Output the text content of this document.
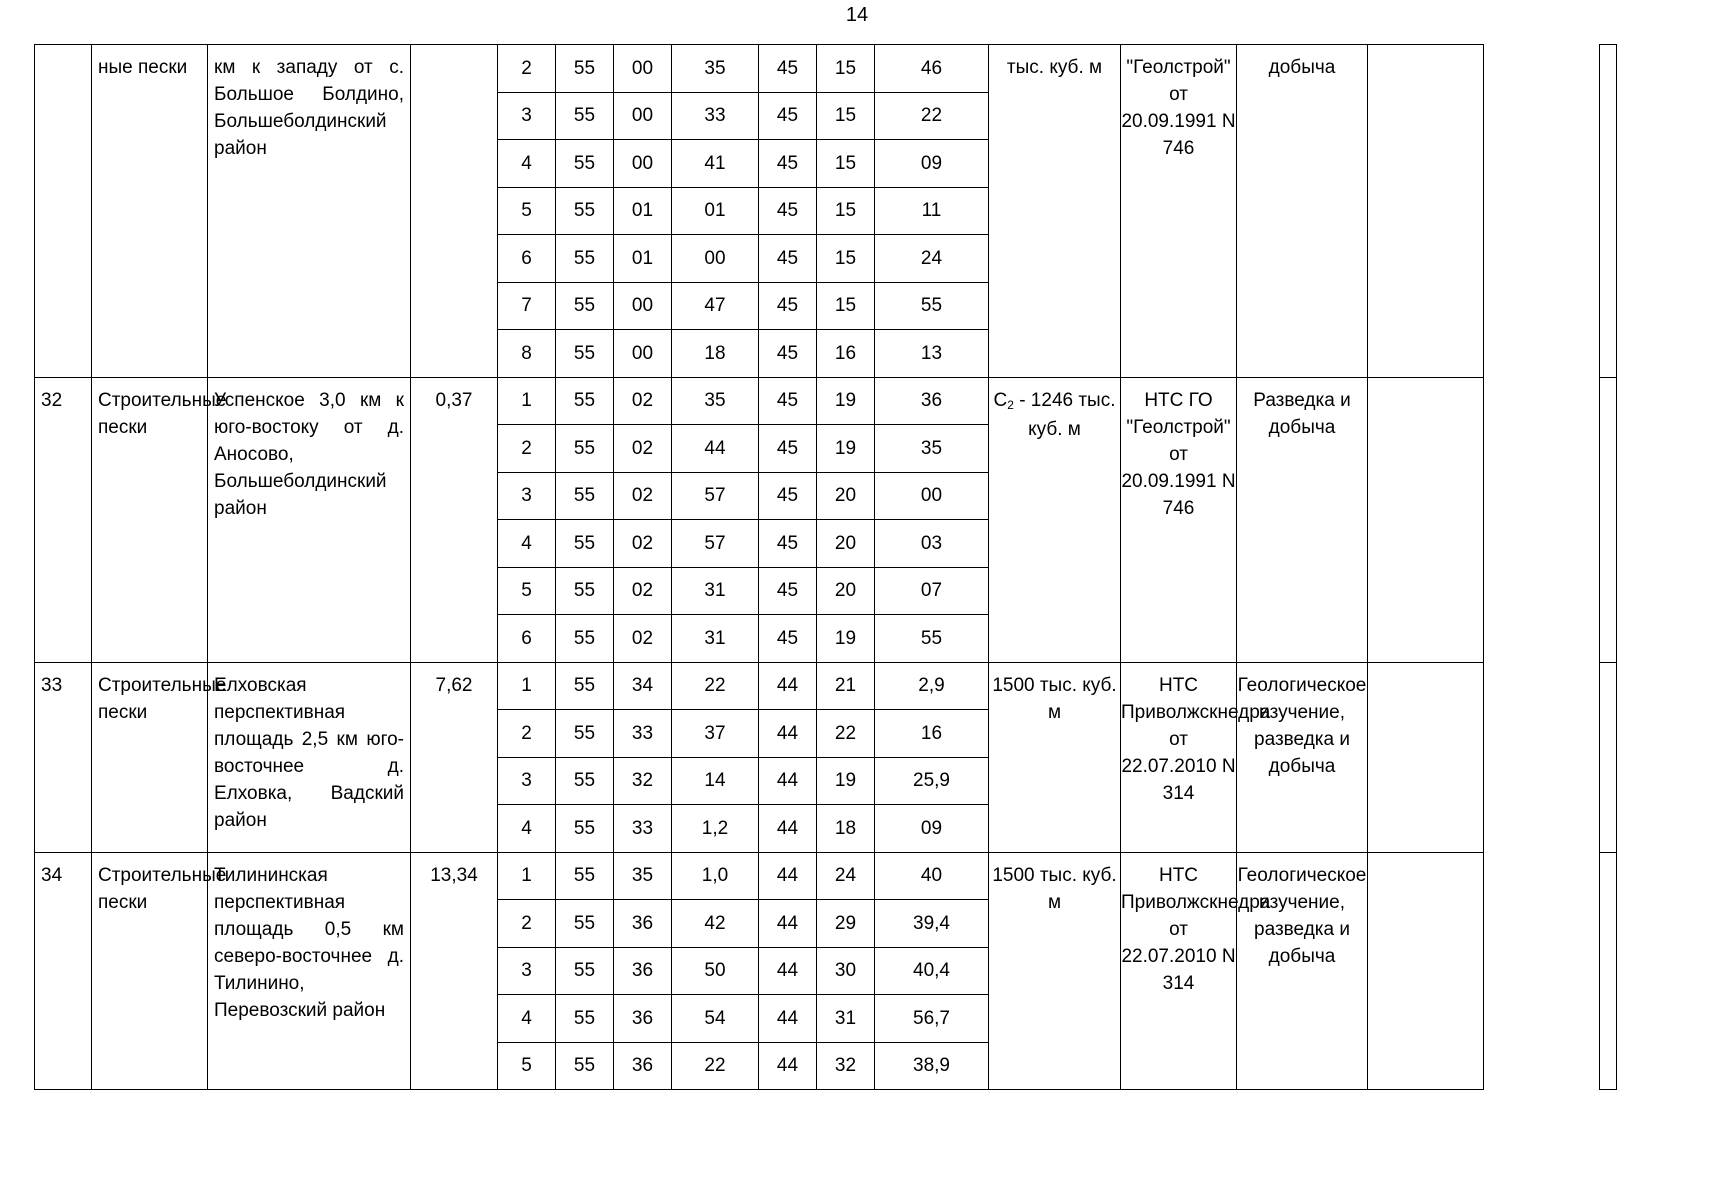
14
	ные пески	км к западу от с. Большое Болдино, Большеболдинский район		2	55	00	35	45	15	46	тыс. куб. м	"Геолстрой" от 20.09.1991 N 746	добыча			
				3	55	00	33	45	15	22						
				4	55	00	41	45	15	09						
				5	55	01	01	45	15	11						
				6	55	01	00	45	15	24						
				7	55	00	47	45	15	55						
				8	55	00	18	45	16	13						
32	Строительные пески	Успенское 3,0 км к юго-востоку от д. Аносово, Большеболдинский район	0,37	1	55	02	35	45	19	36	$C_2 - 1246$ тыс. куб. м	НТС ГО "Геолстрой" от 20.09.1991 N 746	Разведка и добыча			
				2	55	02	44	45	19	35						
				3	55	02	57	45	20	00						
				4	55	02	57	45	20	03						
				5	55	02	31	45	20	07						
				6	55	02	31	45	19	55						
33	Строительные пески	Елховская перспективная площадь 2,5 км юго-восточнее д. Елховка, Вадский район	7,62	1	55	34	22	44	21	2,9	1500 тыс. куб. м	НТС Приволжскнедра от 22.07.2010 N 314	Геологическое изучение, разведка и добыча			
				2	55	33	37	44	22	16						
				3	55	32	14	44	19	25,9						
				4	55	33	1,2	44	18	09						
34	Строительные пески	Тилининская перспективная площадь 0,5 км северо-восточнее д. Тилинино, Перевозский район	13,34	1	55	35	1,0	44	24	40	1500 тыс. куб. м	НТС Приволжскнедра от 22.07.2010 N 314	Геологическое изучение, разведка и добыча			
				2	55	36	42	44	29	39,4						
				3	55	36	50	44	30	40,4						
				4	55	36	54	44	31	56,7						
				5	55	36	22	44	32	38,9						
